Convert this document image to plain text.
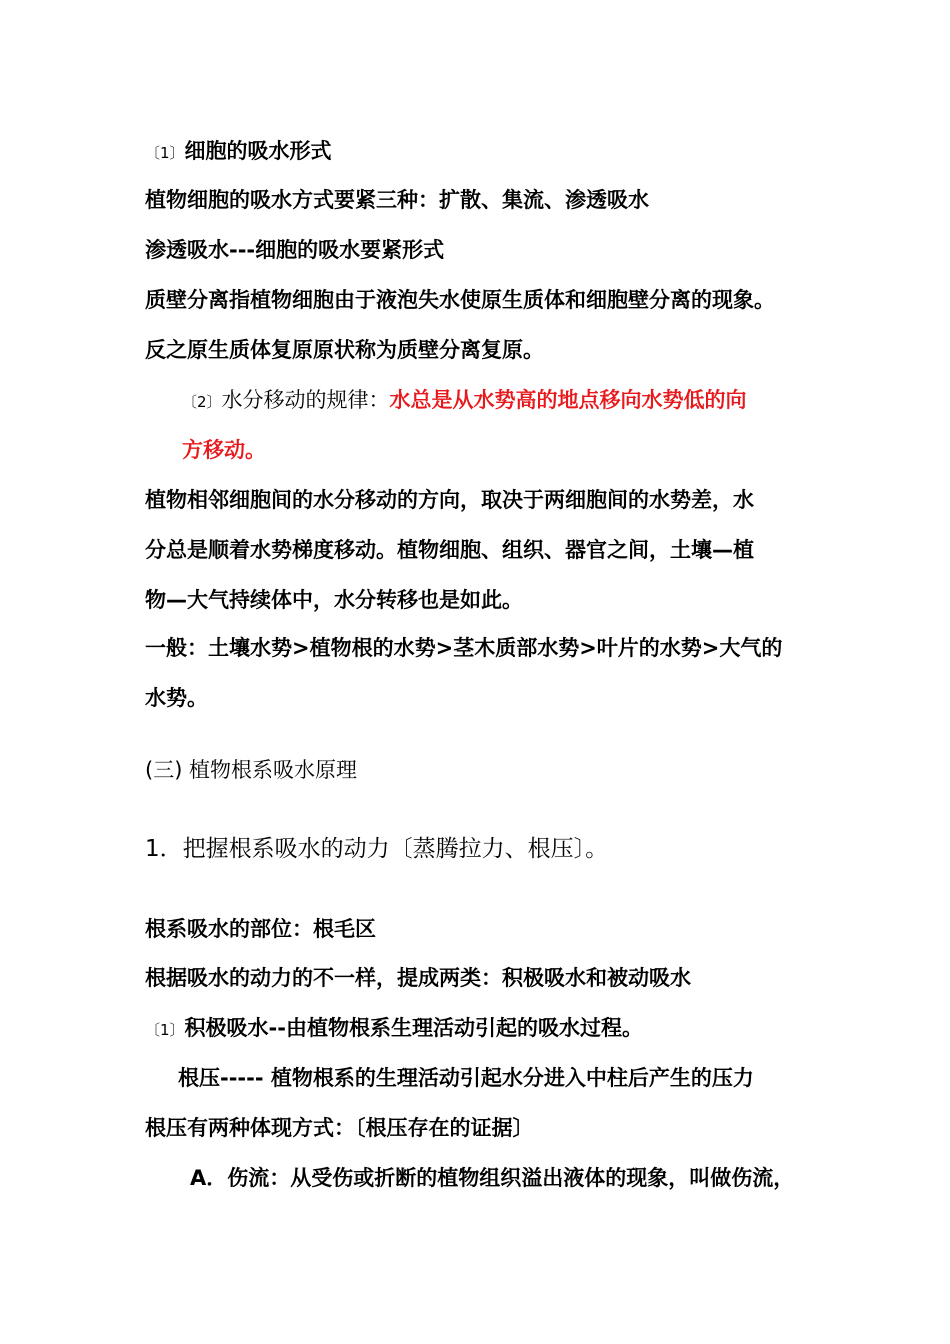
〔1〕细胞的吸水形式
植物细胞的吸水方式要紧三种：扩散、集流、渗透吸水
渗透吸水---细胞的吸水要紧形式
质壁分离指植物细胞由于液泡失水使原生质体和细胞壁分离的现象。
反之原生质体复原原状称为质壁分离复原。
〔2〕水分移动的规律：水总是从水势高的地点移向水势低的向
方移动。
植物相邻细胞间的水分移动的方向，取决于两细胞间的水势差，水
分总是顺着水势梯度移动。植物细胞、组织、器官之间，土壤—植
物—大气持续体中，水分转移也是如此。
一般：土壤水势>植物根的水势>茎木质部水势>叶片的水势>大气的
水势。
(三) 植物根系吸水原理
1．把握根系吸水的动力〔蒸腾拉力、根压〕。
根系吸水的部位：根毛区
根据吸水的动力的不一样，提成两类：积极吸水和被动吸水
〔1〕积极吸水--由植物根系生理活动引起的吸水过程。
根压----- 植物根系的生理活动引起水分进入中柱后产生的压力
根压有两种体现方式：〔根压存在的证据〕
A．伤流：从受伤或折断的植物组织溢出液体的现象，叫做伤流，
